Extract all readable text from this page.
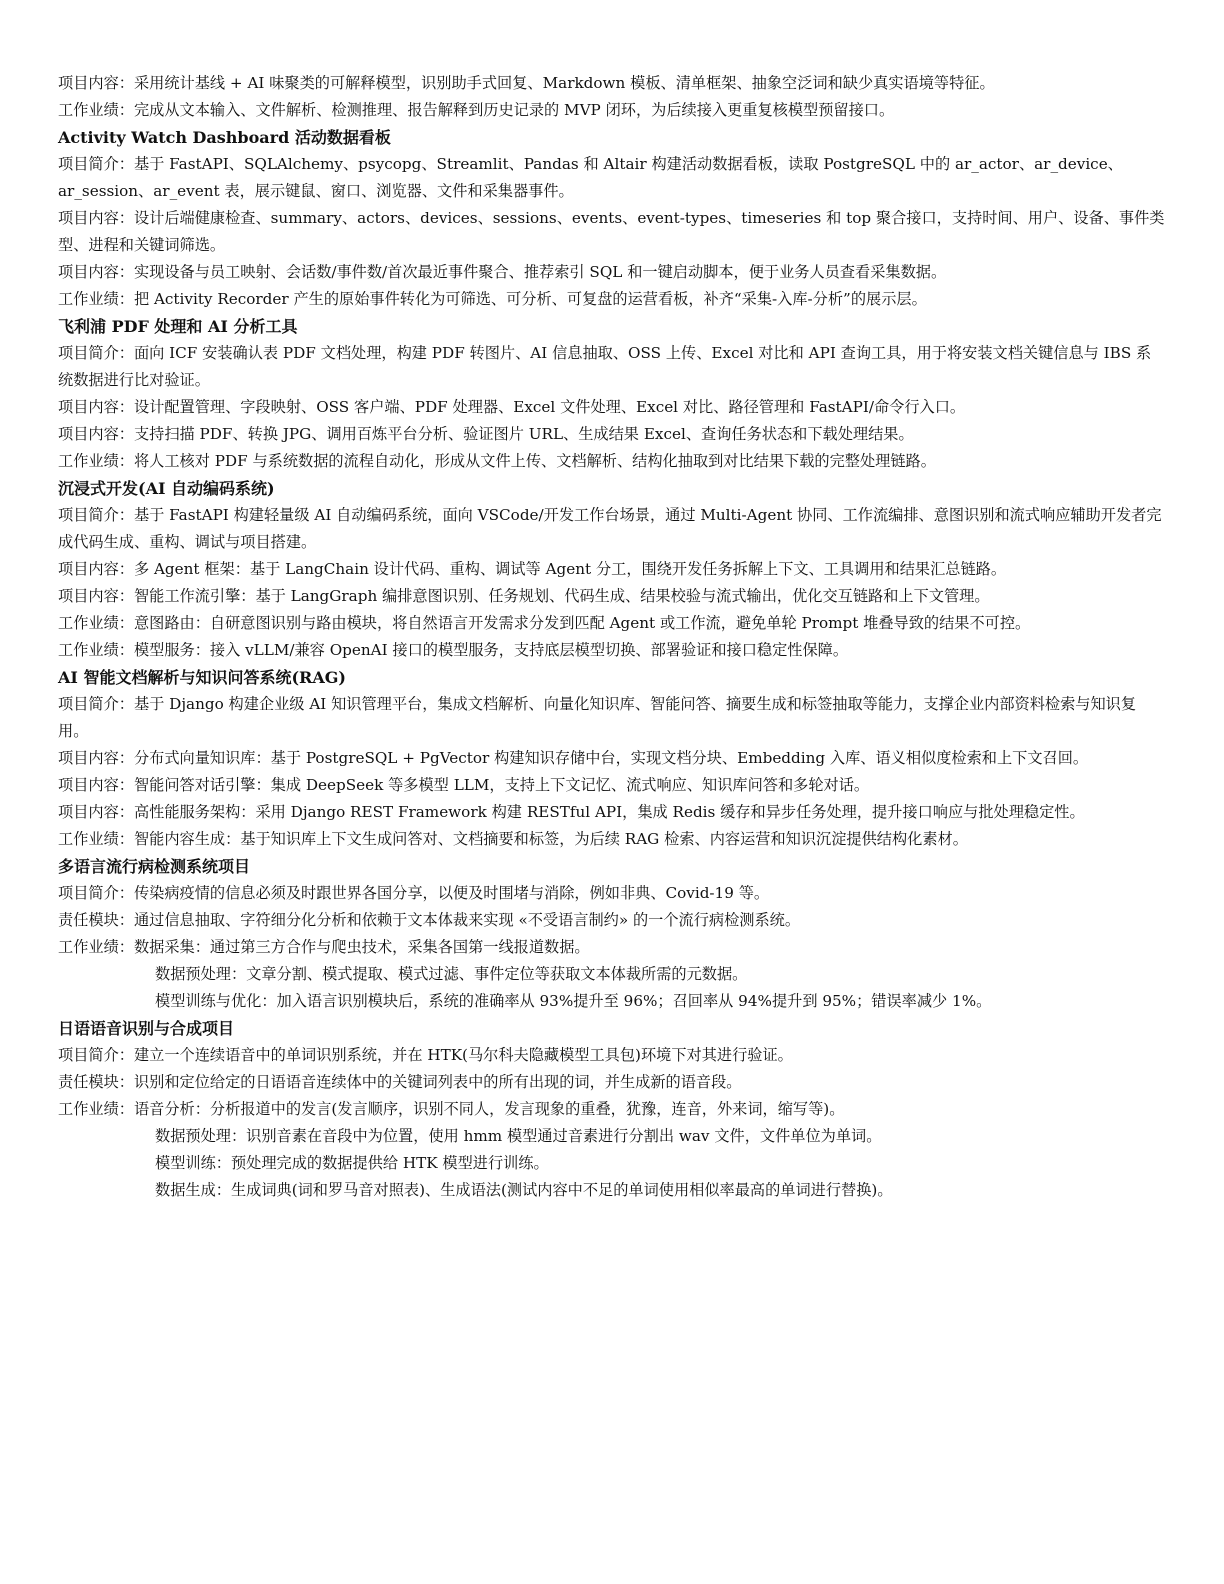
项目内容：采用统计基线 + AI 味聚类的可解释模型，识别助手式回复、Markdown 模板、清单框架、抽象空泛词和缺少真实语境等特征。
工作业绩：完成从文本输入、文件解析、检测推理、报告解释到历史记录的 MVP 闭环，为后续接入更重复核模型预留接口。
Activity Watch Dashboard 活动数据看板
项目简介：基于 FastAPI、SQLAlchemy、psycopg、Streamlit、Pandas 和 Altair 构建活动数据看板，读取 PostgreSQL 中的 ar_actor、ar_device、ar_session、ar_event 表，展示键鼠、窗口、浏览器、文件和采集器事件。
项目内容：设计后端健康检查、summary、actors、devices、sessions、events、event-types、timeseries 和 top 聚合接口，支持时间、用户、设备、事件类型、进程和关键词筛选。
项目内容：实现设备与员工映射、会话数/事件数/首次最近事件聚合、推荐索引 SQL 和一键启动脚本，便于业务人员查看采集数据。
工作业绩：把 Activity Recorder 产生的原始事件转化为可筛选、可分析、可复盘的运营看板，补齐“采集-入库-分析”的展示层。
飞利浦 PDF 处理和 AI 分析工具
项目简介：面向 ICF 安装确认表 PDF 文档处理，构建 PDF 转图片、AI 信息抽取、OSS 上传、Excel 对比和 API 查询工具，用于将安装文档关键信息与 IBS 系统数据进行比对验证。
项目内容：设计配置管理、字段映射、OSS 客户端、PDF 处理器、Excel 文件处理、Excel 对比、路径管理和 FastAPI/命令行入口。
项目内容：支持扫描 PDF、转换 JPG、调用百炼平台分析、验证图片 URL、生成结果 Excel、查询任务状态和下载处理结果。
工作业绩：将人工核对 PDF 与系统数据的流程自动化，形成从文件上传、文档解析、结构化抽取到对比结果下载的完整处理链路。
沉浸式开发(AI 自动编码系统)
项目简介：基于 FastAPI 构建轻量级 AI 自动编码系统，面向 VSCode/开发工作台场景，通过 Multi-Agent 协同、工作流编排、意图识别和流式响应辅助开发者完成代码生成、重构、调试与项目搭建。
项目内容：多 Agent 框架：基于 LangChain 设计代码、重构、调试等 Agent 分工，围绕开发任务拆解上下文、工具调用和结果汇总链路。
项目内容：智能工作流引擎：基于 LangGraph 编排意图识别、任务规划、代码生成、结果校验与流式输出，优化交互链路和上下文管理。
工作业绩：意图路由：自研意图识别与路由模块，将自然语言开发需求分发到匹配 Agent 或工作流，避免单轮 Prompt 堆叠导致的结果不可控。
工作业绩：模型服务：接入 vLLM/兼容 OpenAI 接口的模型服务，支持底层模型切换、部署验证和接口稳定性保障。
AI 智能文档解析与知识问答系统(RAG)
项目简介：基于 Django 构建企业级 AI 知识管理平台，集成文档解析、向量化知识库、智能问答、摘要生成和标签抽取等能力，支撑企业内部资料检索与知识复用。
项目内容：分布式向量知识库：基于 PostgreSQL + PgVector 构建知识存储中台，实现文档分块、Embedding 入库、语义相似度检索和上下文召回。
项目内容：智能问答对话引擎：集成 DeepSeek 等多模型 LLM，支持上下文记忆、流式响应、知识库问答和多轮对话。
项目内容：高性能服务架构：采用 Django REST Framework 构建 RESTful API，集成 Redis 缓存和异步任务处理，提升接口响应与批处理稳定性。
工作业绩：智能内容生成：基于知识库上下文生成问答对、文档摘要和标签，为后续 RAG 检索、内容运营和知识沉淀提供结构化素材。
多语言流行病检测系统项目
项目简介：传染病疫情的信息必须及时跟世界各国分享，以便及时围堵与消除，例如非典、Covid-19 等。
责任模块：通过信息抽取、字符细分化分析和依赖于文本体裁来实现 «不受语言制约» 的一个流行病检测系统。
工作业绩：数据采集：通过第三方合作与爬虫技术，采集各国第一线报道数据。
数据预处理：文章分割、模式提取、模式过滤、事件定位等获取文本体裁所需的元数据。
模型训练与优化：加入语言识别模块后，系统的准确率从 93%提升至 96%；召回率从 94%提升到 95%；错误率减少 1%。
日语语音识别与合成项目
项目简介：建立一个连续语音中的单词识别系统，并在 HTK(马尔科夫隐藏模型工具包)环境下对其进行验证。
责任模块：识别和定位给定的日语语音连续体中的关键词列表中的所有出现的词，并生成新的语音段。
工作业绩：语音分析：分析报道中的发言(发言顺序，识别不同人，发言现象的重叠，犹豫，连音，外来词，缩写等)。
数据预处理：识别音素在音段中为位置，使用 hmm 模型通过音素进行分割出 wav 文件，文件单位为单词。
模型训练：预处理完成的数据提供给 HTK 模型进行训练。
数据生成：生成词典(词和罗马音对照表)、生成语法(测试内容中不足的单词使用相似率最高的单词进行替换)。
